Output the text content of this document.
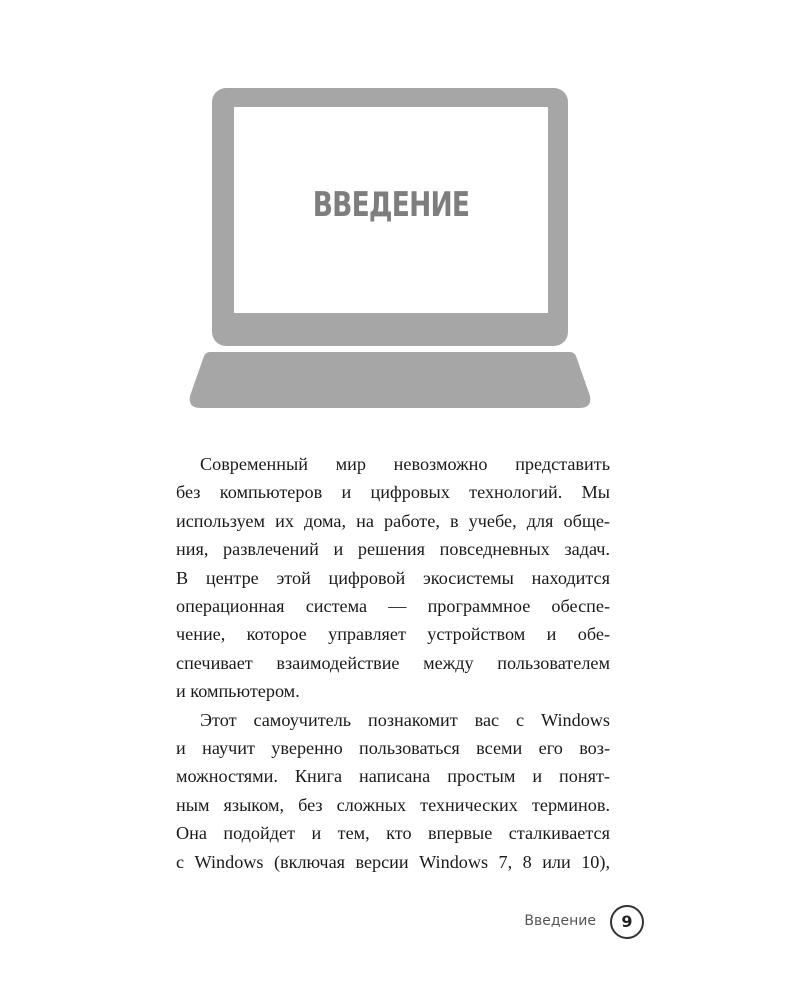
ВВЕДЕНИЕ
Современный мир невозможно представить
без компьютеров и цифровых технологий. Мы
используем их дома, на работе, в учебе, для обще-
ния, развлечений и решения повседневных задач.
В центре этой цифровой экосистемы находится
операционная система — программное обеспе-
чение, которое управляет устройством и обе-
спечивает взаимодействие между пользователем
и компьютером.
Этот самоучитель познакомит вас с Windows
и научит уверенно пользоваться всеми его воз-
можностями. Книга написана простым и понят-
ным языком, без сложных технических терминов.
Она подойдет и тем, кто впервые сталкивается
с Windows (включая версии Windows 7, 8 или 10),
Введение	9
